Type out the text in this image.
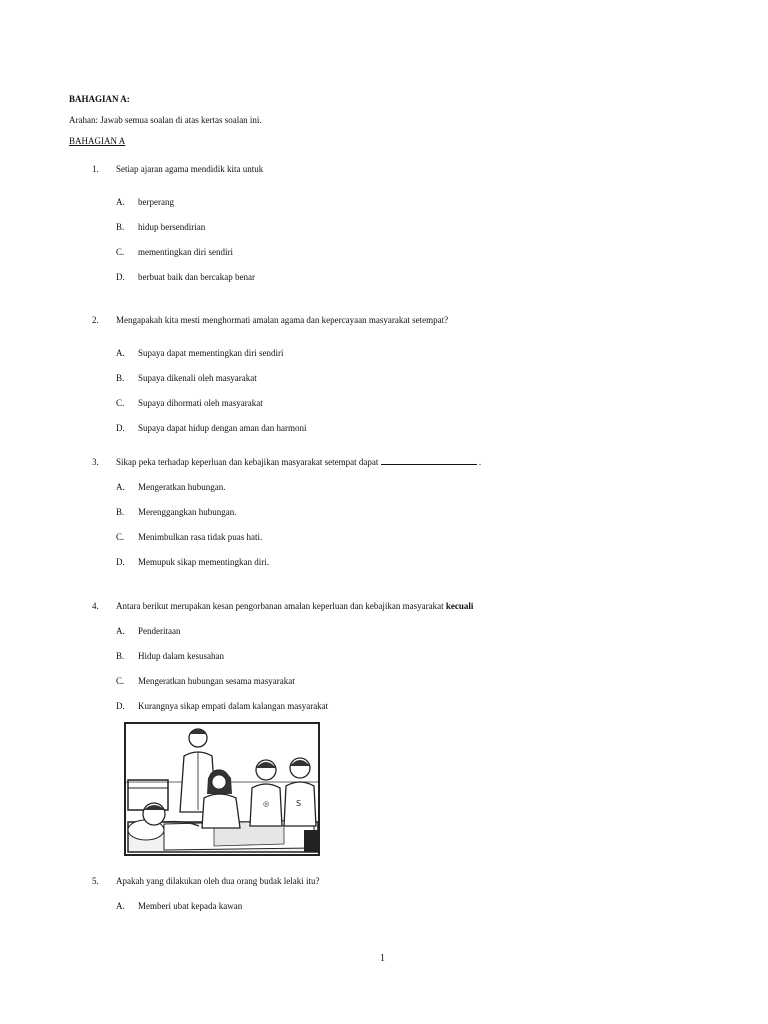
BAHAGIAN A:
Arahan: Jawab semua soalan di atas kertas soalan ini.
BAHAGIAN A
1. Setiap ajaran agama mendidik kita untuk
A. berperang
B. hidup bersendirian
C. mementingkan diri sendiri
D. berbuat baik dan bercakap benar
2. Mengapakah kita mesti menghormati amalan agama dan kepercayaan masyarakat setempat?
A. Supaya dapat mementingkan diri sendiri
B. Supaya dikenali oleh masyarakat
C. Supaya dihormati oleh masyarakat
D. Supaya dapat hidup dengan aman dan harmoni
3. Sikap peka terhadap keperluan dan kebajikan masyarakat setempat dapat	.
A. Mengeratkan hubungan.
B. Merenggangkan hubungan.
C. Menimbulkan rasa tidak puas hati.
D. Memupuk sikap mementingkan diri.
4. Antara berikut merupakan kesan pengorbanan amalan keperluan dan kebajikan masyarakat kecuali
A. Penderitaan
B. Hidup dalam kesusahan
C. Mengeratkan hubungan sesama masyarakat
D. Kurangnya sikap empati dalam kalangan masyarakat
◎	S
5. Apakah yang dilakukan oleh dua orang budak lelaki itu?
A. Memberi ubat kepada kawan
1
